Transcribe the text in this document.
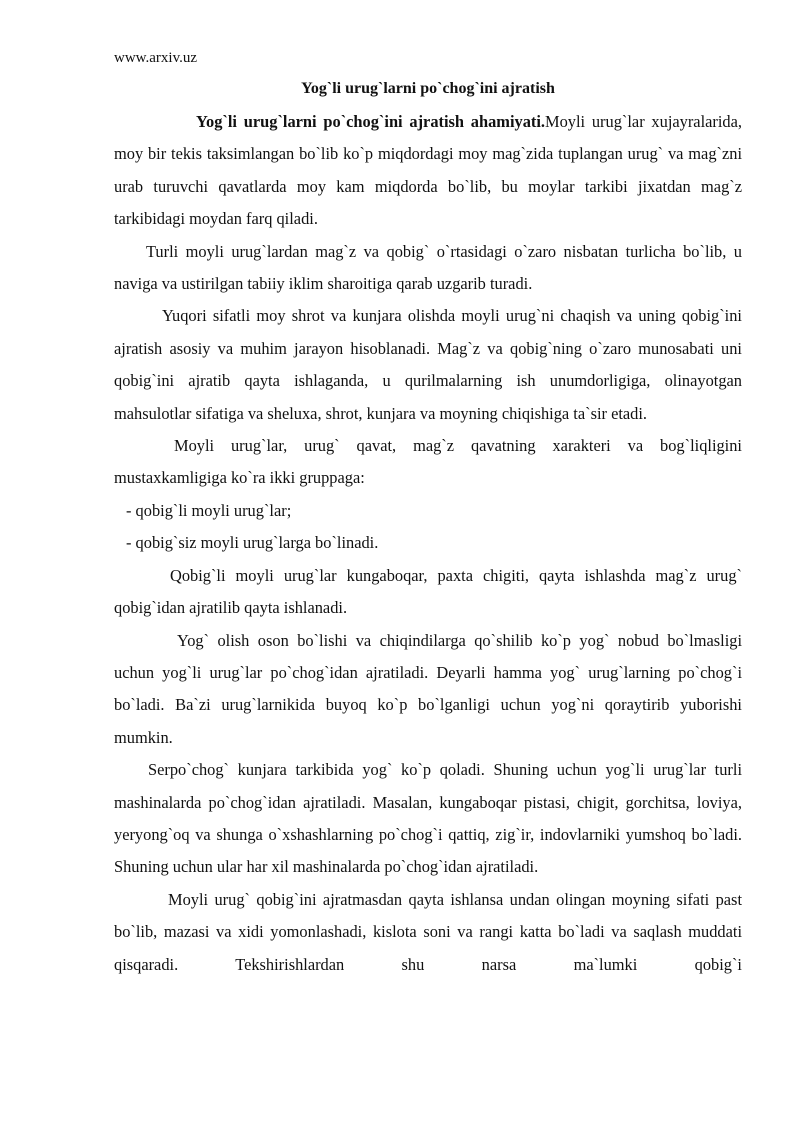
www.arxiv.uz
Yog`li urug`larni po`chog`ini ajratish

Yog`li urug`larni po`chog`ini ajratish ahamiyati.Moyli urug`lar xujayralarida, moy bir tekis taksimlangan bo`lib ko`p miqdordagi moy mag`zida tuplangan urug` va mag`zni urab turuvchi qavatlarda moy kam miqdorda bo`lib, bu moylar tarkibi jixatdan mag`z tarkibidagi moydan farq qiladi.

Turli moyli urug`lardan mag`z va qobig` o`rtasidagi o`zaro nisbatan turlicha bo`lib, u naviga va ustirilgan tabiiy iklim sharoitiga qarab uzgarib turadi.

Yuqori sifatli moy shrot va kunjara olishda moyli urug`ni chaqish va uning qobig`ini ajratish asosiy va muhim jarayon hisoblanadi. Mag`z va qobig`ning o`zaro munosabati uni qobig`ini ajratib qayta ishlaganda, u qurilmalarning ish unumdorligiga, olinayotgan mahsulotlar sifatiga va sheluxa, shrot, kunjara va moyning chiqishiga ta`sir etadi.

Moyli urug`lar, urug` qavat, mag`z qavatning xarakteri va bog`liqligini mustaxkamligiga ko`ra ikki gruppaga:

- qobig`li moyli urug`lar;

- qobig`siz moyli urug`larga bo`linadi.

Qobig`li moyli urug`lar kungaboqar, paxta chigiti, qayta ishlashda mag`z urug` qobig`idan ajratilib qayta ishlanadi.

Yog` olish oson bo`lishi va chiqindilarga qo`shilib ko`p yog` nobud bo`lmasligi uchun yog`li urug`lar po`chog`idan ajratiladi. Deyarli hamma yog` urug`larning po`chog`i bo`ladi. Ba`zi urug`larnikida buyoq ko`p bo`lganligi uchun yog`ni qoraytirib yuborishi mumkin.

Serpo`chog` kunjara tarkibida yog` ko`p qoladi. Shuning uchun yog`li urug`lar turli mashinalarda po`chog`idan ajratiladi. Masalan, kungaboqar pistasi, chigit, gorchitsa, loviya, yeryong`oq va shunga o`xshashlarning po`chog`i qattiq, zig`ir, indovlarniki yumshoq bo`ladi. Shuning uchun ular har xil mashinalarda po`chog`idan ajratiladi.

Moyli urug` qobig`ini ajratmasdan qayta ishlansa undan olingan moyning sifati past bo`lib, mazasi va xidi yomonlashadi, kislota soni va rangi katta bo`ladi va saqlash muddati qisqaradi. Tekshirishlardan shu narsa ma`lumki qobig`i
